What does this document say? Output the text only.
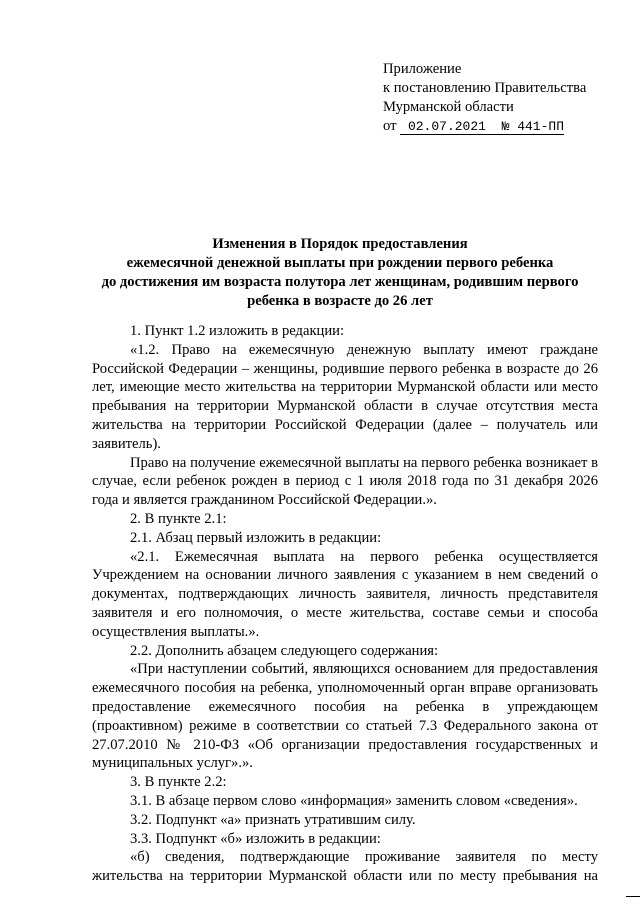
Приложение
к постановлению Правительства
Мурманской области
от 02.07.2021 № 441-ПП
Изменения в Порядок предоставления
ежемесячной денежной выплаты при рождении первого ребенка
до достижения им возраста полутора лет женщинам, родившим первого
ребенка в возрасте до 26 лет

1. Пункт 1.2 изложить в редакции:

«1.2. Право на ежемесячную денежную выплату имеют граждане Российской Федерации – женщины, родившие первого ребенка в возрасте до 26 лет, имеющие место жительства на территории Мурманской области или место пребывания на территории Мурманской области в случае отсутствия места жительства на территории Российской Федерации (далее – получатель или заявитель).

Право на получение ежемесячной выплаты на первого ребенка возникает в случае, если ребенок рожден в период с 1 июля 2018 года по 31 декабря 2026 года и является гражданином Российской Федерации.».

2. В пункте 2.1:

2.1. Абзац первый изложить в редакции:

«2.1. Ежемесячная выплата на первого ребенка осуществляется Учреждением на основании личного заявления с указанием в нем сведений о документах, подтверждающих личность заявителя, личность представителя заявителя и его полномочия, о месте жительства, составе семьи и способа осуществления выплаты.».

2.2. Дополнить абзацем следующего содержания:

«При наступлении событий, являющихся основанием для предоставления ежемесячного пособия на ребенка, уполномоченный орган вправе организовать предоставление ежемесячного пособия на ребенка в упреждающем (проактивном) режиме в соответствии со статьей 7.3 Федерального закона от 27.07.2010 № 210-ФЗ «Об организации предоставления государственных и муниципальных услуг».».

3. В пункте 2.2:

3.1. В абзаце первом слово «информация» заменить словом «сведения».

3.2. Подпункт «а» признать утратившим силу.

3.3. Подпункт «б» изложить в редакции:

«б) сведения, подтверждающие проживание заявителя по месту жительства на территории Мурманской области или по месту пребывания на
